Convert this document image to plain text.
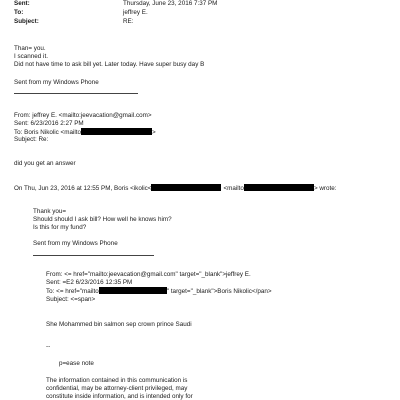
Sent:	Thursday, June 23, 2016 7:37 PM
To:	jeffrey E.
Subject:	RE:
Than= you.
I scanned it.
Did not have time to ask bill yet. Later today. Have super busy day B
Sent from my Windows Phone
From: jeffrey E. <mailto:jeevacation@gmail.com>
Sent: 6/23/2016 2:27 PM
To: Boris Nikolic <mailto	>
Subject: Re:
did you get an answer
On Thu, Jun 23, 2016 at 12:55 PM, Boris <ikolic<	<mailto	> wrote:
Thank you=
Should should I ask bill? How well he knows him?
Is this for my fund?
Sent from my Windows Phone
From: <= href="mailto:jeevacation@gmail.com" target="_blank">jeffrey E.
Sent: =E2 6/23/2016 12:35 PM
To: <= href="mailto	" target="_blank">Boris Nikolic</pan>
Subject: <=span>
She Mohammed bin salmon sep crown prince Saudi
--
p=ease note
The information contained in this communication is
confidential, may be attorney-client privileged, may
constitute inside information, and is intended only for
